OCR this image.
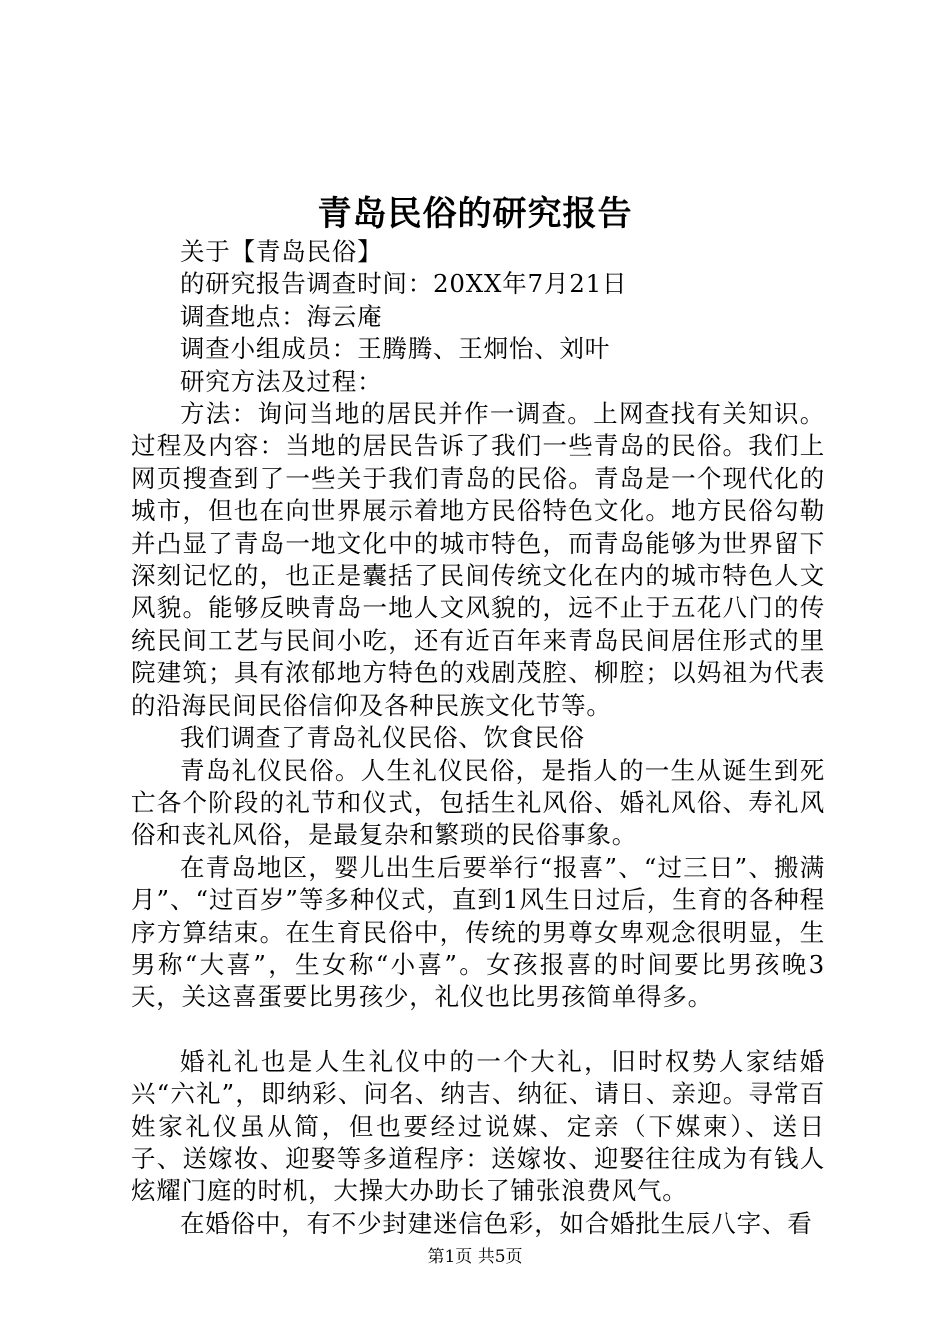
青岛民俗的研究报告

关于【青岛民俗】

的研究报告调查时间：20XX年7月21日

调查地点：海云庵

调查小组成员：王腾腾、王炯怡、刘叶

研究方法及过程：

方法：询问当地的居民并作一调查。上网查找有关知识。过程及内容：当地的居民告诉了我们一些青岛的民俗。我们上网页搜查到了一些关于我们青岛的民俗。青岛是一个现代化的城市，但也在向世界展示着地方民俗特色文化。地方民俗勾勒并凸显了青岛一地文化中的城市特色，而青岛能够为世界留下深刻记忆的，也正是囊括了民间传统文化在内的城市特色人文风貌。能够反映青岛一地人文风貌的，远不止于五花八门的传统民间工艺与民间小吃，还有近百年来青岛民间居住形式的里院建筑；具有浓郁地方特色的戏剧茂腔、柳腔；以妈祖为代表的沿海民间民俗信仰及各种民族文化节等。

我们调查了青岛礼仪民俗、饮食民俗

青岛礼仪民俗。人生礼仪民俗，是指人的一生从诞生到死亡各个阶段的礼节和仪式，包括生礼风俗、婚礼风俗、寿礼风俗和丧礼风俗，是最复杂和繁琐的民俗事象。

在青岛地区，婴儿出生后要举行“报喜”、“过三日”、搬满月”、“过百岁”等多种仪式，直到1风生日过后，生育的各种程序方算结束。在生育民俗中，传统的男尊女卑观念很明显，生男称“大喜”，生女称“小喜”。女孩报喜的时间要比男孩晚3天，关这喜蛋要比男孩少，礼仪也比男孩简单得多。

婚礼礼也是人生礼仪中的一个大礼，旧时权势人家结婚兴“六礼”，即纳彩、问名、纳吉、纳征、请日、亲迎。寻常百姓家礼仪虽从简，但也要经过说媒、定亲（下媒柬）、送日子、送嫁妆、迎娶等多道程序：送嫁妆、迎娶往往成为有钱人炫耀门庭的时机，大操大办助长了铺张浪费风气。

在婚俗中，有不少封建迷信色彩，如合婚批生辰八字、看

第1页 共5页
